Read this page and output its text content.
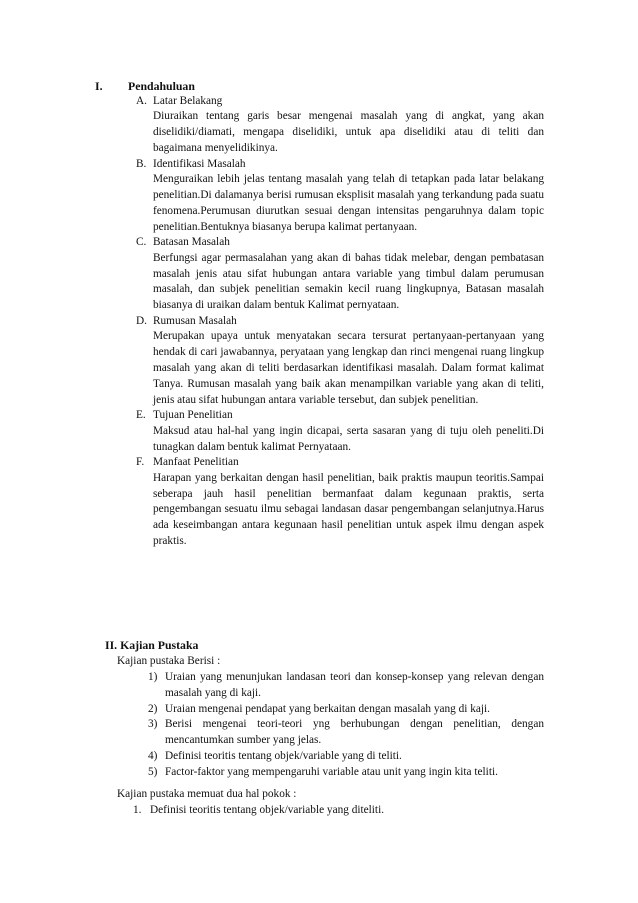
I. Pendahuluan
A. Latar Belakang
Diuraikan tentang garis besar mengenai masalah yang di angkat, yang akan diselidiki/diamati, mengapa diselidiki, untuk apa diselidiki atau di teliti dan bagaimana menyelidikinya.
B. Identifikasi Masalah
Menguraikan lebih jelas tentang masalah yang telah di tetapkan pada latar belakang penelitian.Di dalamanya berisi rumusan eksplisit masalah yang terkandung pada suatu fenomena.Perumusan diurutkan sesuai dengan intensitas pengaruhnya dalam topic penelitian.Bentuknya biasanya berupa kalimat pertanyaan.
C. Batasan Masalah
Berfungsi agar permasalahan yang akan di bahas tidak melebar, dengan pembatasan masalah jenis atau sifat hubungan antara variable yang timbul dalam perumusan masalah, dan subjek penelitian semakin kecil ruang lingkupnya, Batasan masalah biasanya di uraikan dalam bentuk Kalimat pernyataan.
D. Rumusan Masalah
Merupakan upaya untuk menyatakan secara tersurat pertanyaan-pertanyaan yang hendak di cari jawabannya, peryataan yang lengkap dan rinci mengenai ruang lingkup masalah yang akan di teliti berdasarkan identifikasi masalah. Dalam format kalimat Tanya. Rumusan masalah yang baik akan menampilkan variable yang akan di teliti, jenis atau sifat hubungan antara variable tersebut, dan subjek penelitian.
E. Tujuan Penelitian
Maksud atau hal-hal yang ingin dicapai, serta sasaran yang di tuju oleh peneliti.Di tunagkan dalam bentuk kalimat Pernyataan.
F. Manfaat Penelitian
Harapan yang berkaitan dengan hasil penelitian, baik praktis maupun teoritis.Sampai seberapa jauh hasil penelitian bermanfaat dalam kegunaan praktis, serta pengembangan sesuatu ilmu sebagai landasan dasar pengembangan selanjutnya.Harus ada keseimbangan antara kegunaan hasil penelitian untuk aspek ilmu dengan aspek praktis.
II. Kajian Pustaka
Kajian pustaka Berisi :
1) Uraian yang menunjukan landasan teori dan konsep-konsep yang relevan dengan masalah yang di kaji.
2) Uraian mengenai pendapat yang berkaitan dengan masalah yang di kaji.
3) Berisi mengenai teori-teori yng berhubungan dengan penelitian, dengan mencantumkan sumber yang jelas.
4) Definisi teoritis tentang objek/variable yang di teliti.
5) Factor-faktor yang mempengaruhi variable atau unit yang ingin kita teliti.
Kajian pustaka memuat dua hal pokok :
1. Definisi teoritis tentang objek/variable yang diteliti.
